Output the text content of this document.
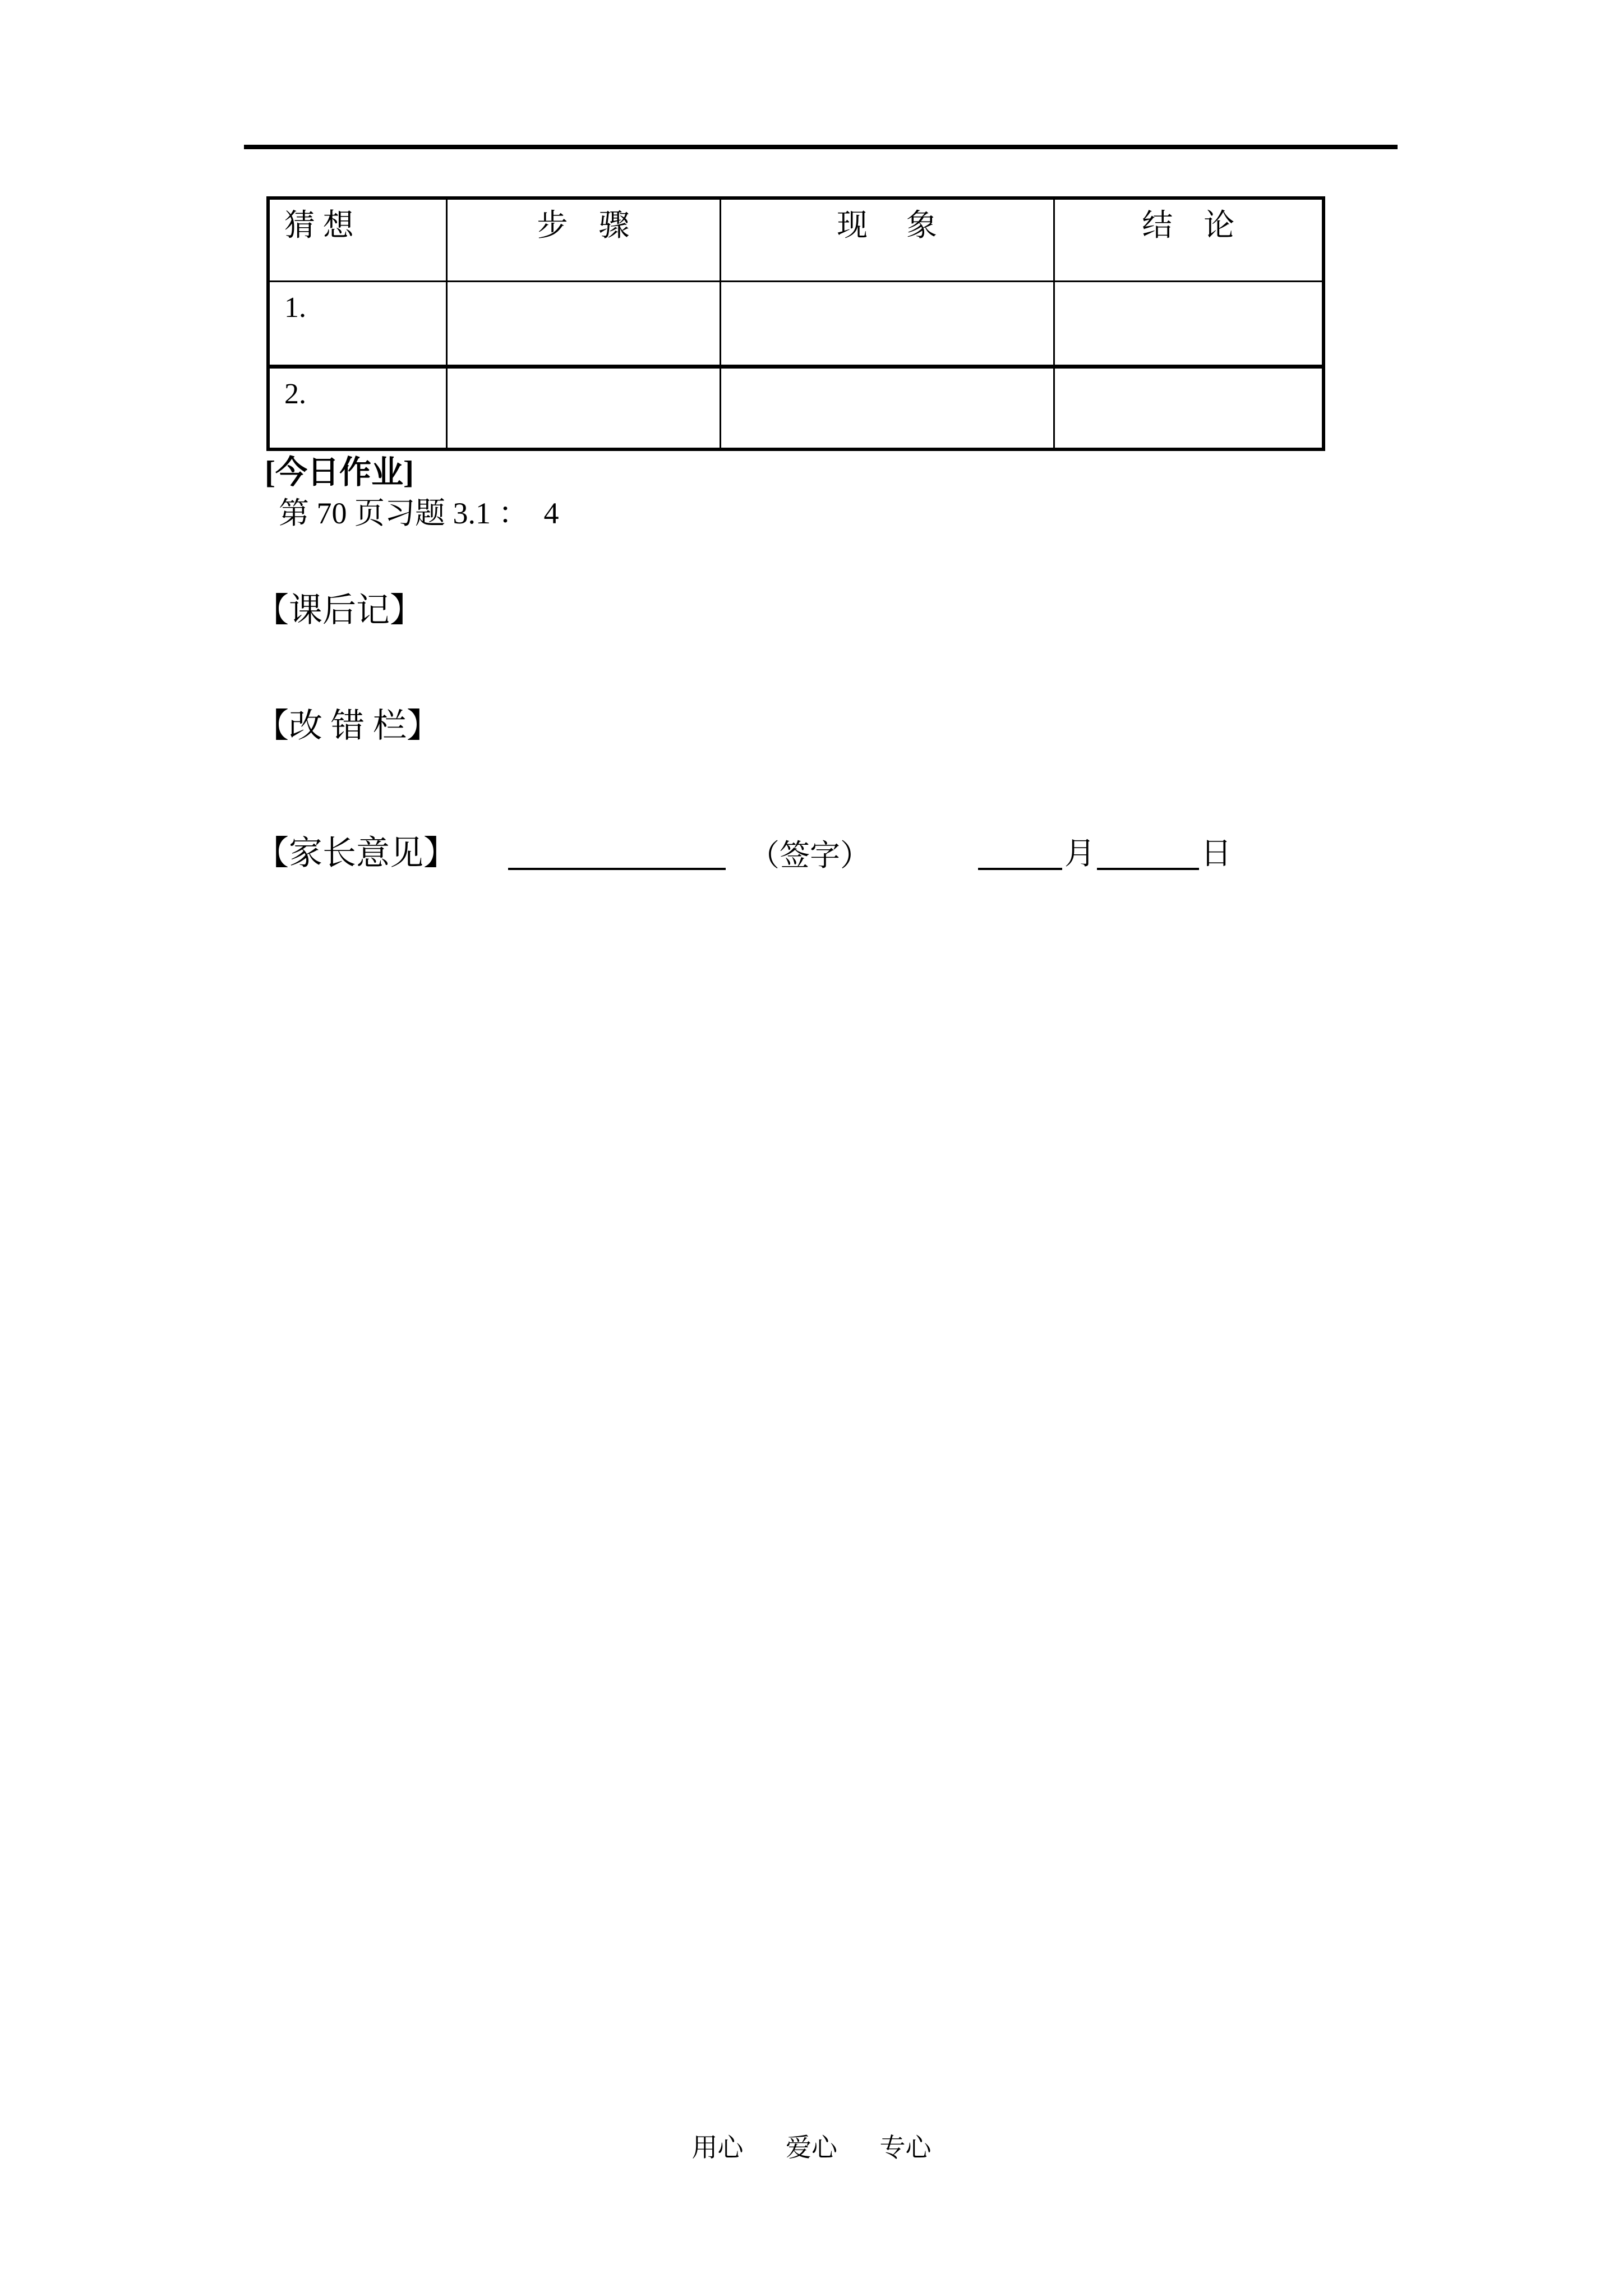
猜 想	步　骤	现　 象	结　论
1.			
2.			
[今日作业]
第 70 页习题 3.1 ：  4
【课后记】
【改 错 栏】
【家长意见】	（签字）	月	日
用心 爱心 专心
